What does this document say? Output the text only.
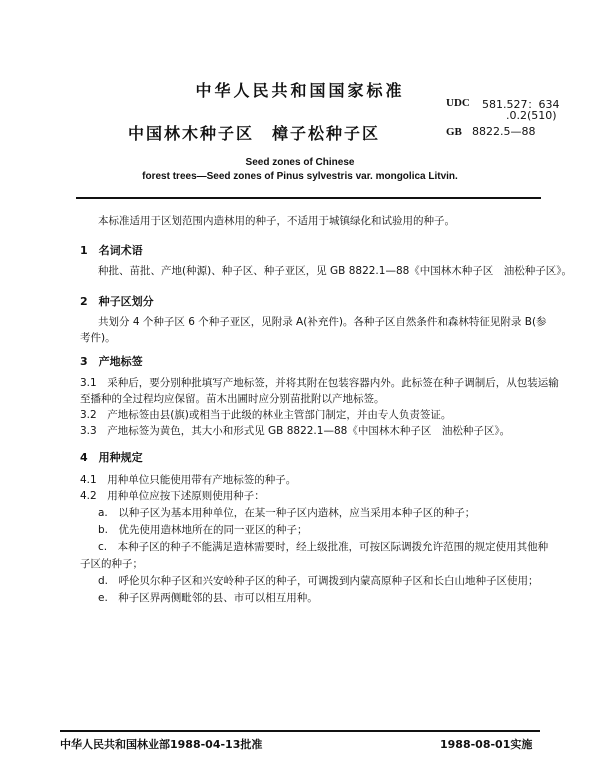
中华人民共和国国家标准
UDC 581.527：634
.0.2(510)
中国林木种子区　樟子松种子区	GB 8822.5—88
Seed zones of Chinese
forest trees—Seed zones of Pinus sylvestris var. mongolica Litvin.
本标准适用于区划范围内造林用的种子，不适用于城镇绿化和试验用的种子。
1　名词术语
种批、苗批、产地(种源)、种子区、种子亚区，见 GB 8822.1—88《中国林木种子区　油松种子区》。
2　种子区划分
共划分 4 个种子区 6 个种子亚区，见附录 A(补充件)。各种子区自然条件和森林特征见附录 B(参
考件)。
3　产地标签
3.1　采种后，要分别种批填写产地标签，并将其附在包装容器内外。此标签在种子调制后，从包装运输
至播种的全过程均应保留。苗木出圃时应分别苗批附以产地标签。
3.2　产地标签由县(旗)或相当于此级的林业主管部门制定，并由专人负责签证。
3.3　产地标签为黄色，其大小和形式见 GB 8822.1—88《中国林木种子区　油松种子区》。
4　用种规定
4.1　用种单位只能使用带有产地标签的种子。
4.2　用种单位应按下述原则使用种子：
a.　以种子区为基本用种单位，在某一种子区内造林，应当采用本种子区的种子；
b.　优先使用造林地所在的同一亚区的种子；
c.　本种子区的种子不能满足造林需要时，经上级批准，可按区际调拨允许范围的规定使用其他种
子区的种子；
d.　呼伦贝尔种子区和兴安岭种子区的种子，可调拨到内蒙高原种子区和长白山地种子区使用；
e.　种子区界两侧毗邻的县、市可以相互用种。
中华人民共和国林业部1988-04-13批准	1988-08-01实施
